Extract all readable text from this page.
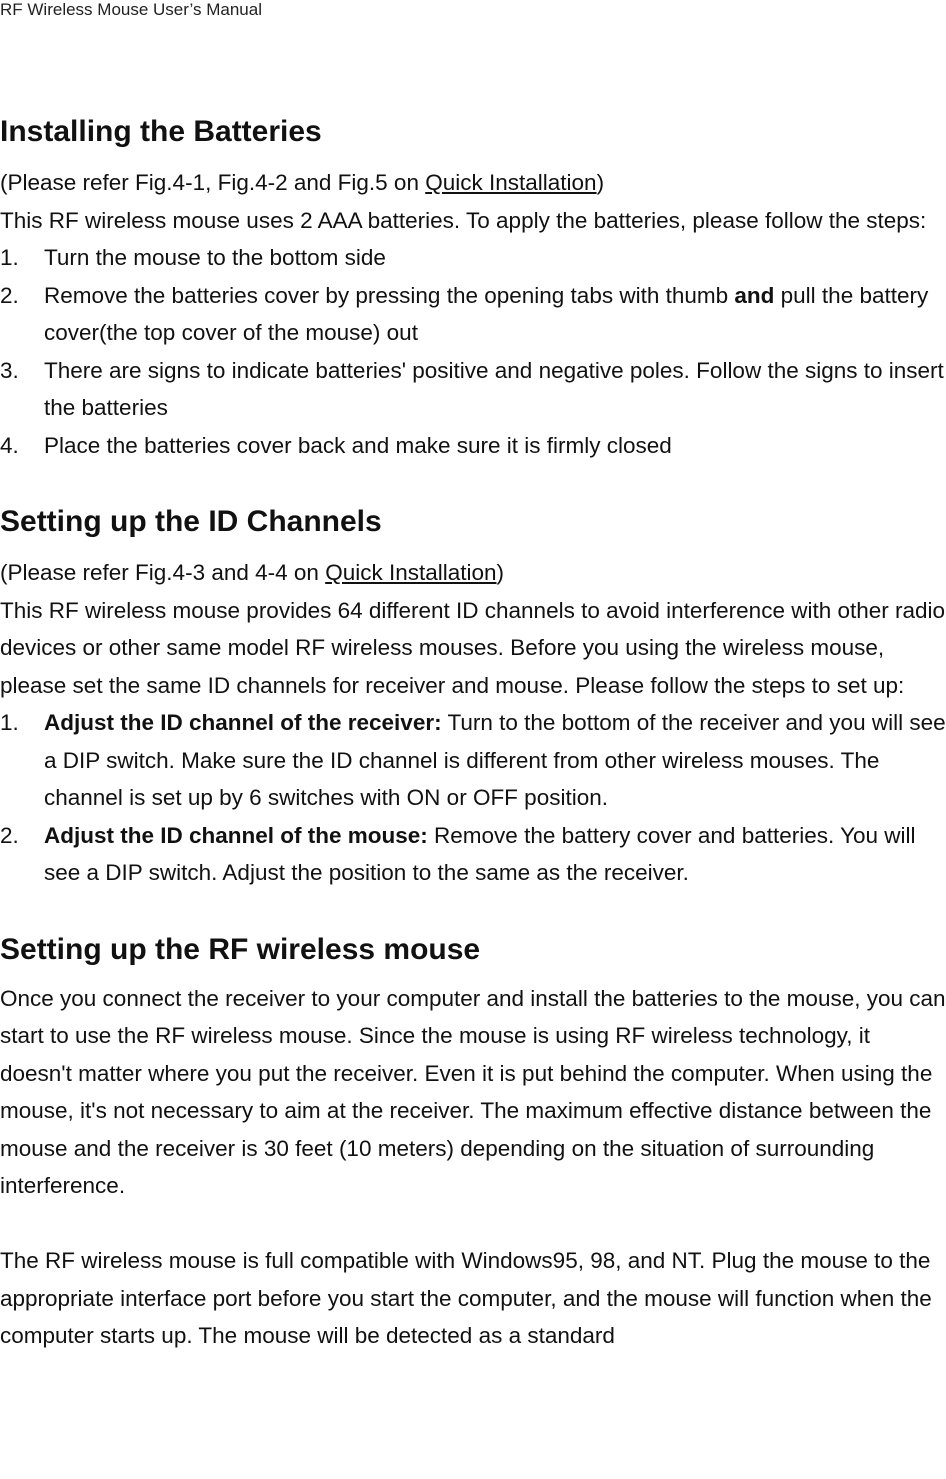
RF Wireless Mouse User’s Manual
Installing the Batteries

(Please refer Fig.4-1, Fig.4-2 and Fig.5 on Quick Installation)

This RF wireless mouse uses 2 AAA batteries. To apply the batteries, please follow the steps:

1. Turn the mouse to the bottom side
2. Remove the batteries cover by pressing the opening tabs with thumb and pull the battery cover(the top cover of the mouse) out
3. There are signs to indicate batteries' positive and negative poles. Follow the signs to insert the batteries
4. Place the batteries cover back and make sure it is firmly closed
Setting up the ID Channels

(Please refer Fig.4-3 and 4-4 on Quick Installation)

This RF wireless mouse provides 64 different ID channels to avoid interference with other radio devices or other same model RF wireless mouses. Before you using the wireless mouse, please set the same ID channels for receiver and mouse. Please follow the steps to set up:

1. Adjust the ID channel of the receiver: Turn to the bottom of the receiver and you will see a DIP switch. Make sure the ID channel is different from other wireless mouses. The channel is set up by 6 switches with ON or OFF position.
2. Adjust the ID channel of the mouse: Remove the battery cover and batteries. You will see a DIP switch. Adjust the position to the same as the receiver.
Setting up the RF wireless mouse

Once you connect the receiver to your computer and install the batteries to the mouse, you can start to use the RF wireless mouse. Since the mouse is using RF wireless technology, it doesn't matter where you put the receiver. Even it is put behind the computer. When using the mouse, it's not necessary to aim at the receiver. The maximum effective distance between the mouse and the receiver is 30 feet (10 meters) depending on the situation of surrounding interference.

The RF wireless mouse is full compatible with Windows95, 98, and NT. Plug the mouse to the appropriate interface port before you start the computer, and the mouse will function when the computer starts up. The mouse will be detected as a standard
